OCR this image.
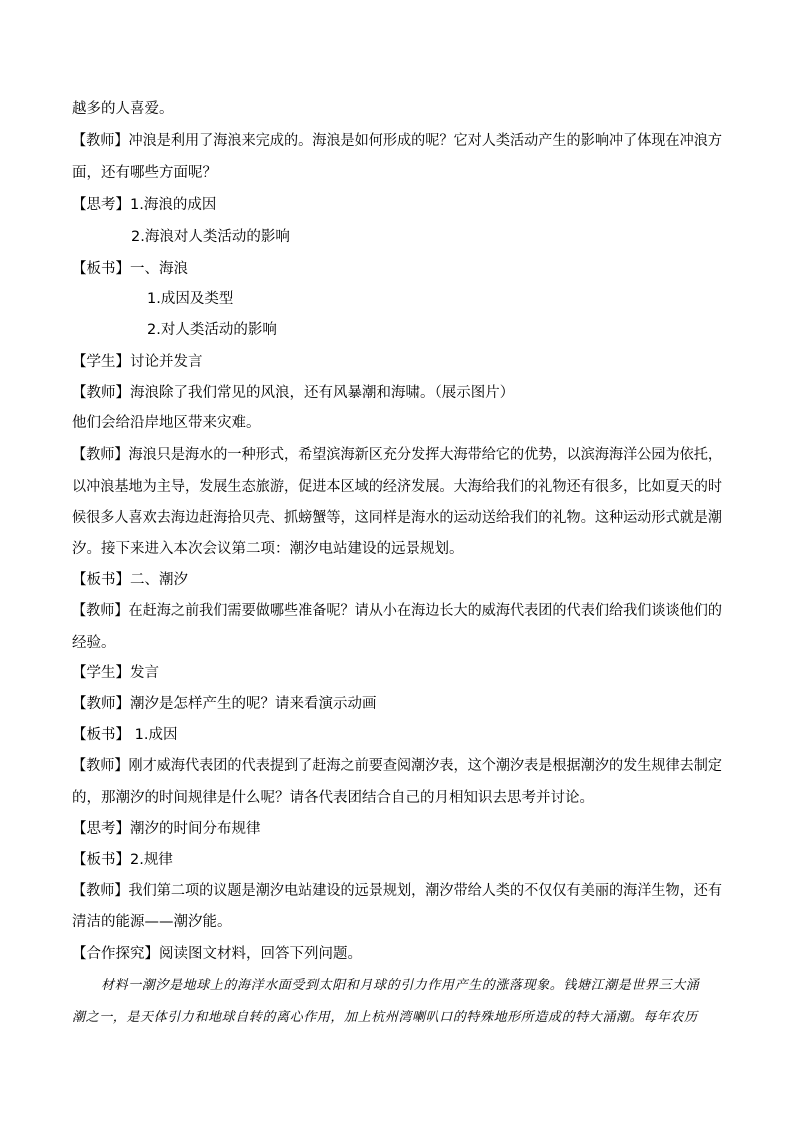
越多的人喜爱。
【教师】冲浪是利用了海浪来完成的。海浪是如何形成的呢？它对人类活动产生的影响冲了体现在冲浪方
面，还有哪些方面呢？
【思考】1.海浪的成因
2.海浪对人类活动的影响
【板书】一、海浪
1.成因及类型
2.对人类活动的影响
【学生】讨论并发言
【教师】海浪除了我们常见的风浪，还有风暴潮和海啸。（展示图片）
他们会给沿岸地区带来灾难。
【教师】海浪只是海水的一种形式，希望滨海新区充分发挥大海带给它的优势，以滨海海洋公园为依托，
以冲浪基地为主导，发展生态旅游，促进本区域的经济发展。大海给我们的礼物还有很多，比如夏天的时
候很多人喜欢去海边赶海拾贝壳、抓螃蟹等，这同样是海水的运动送给我们的礼物。这种运动形式就是潮
汐。接下来进入本次会议第二项：潮汐电站建设的远景规划。
【板书】二、潮汐
【教师】在赶海之前我们需要做哪些准备呢？请从小在海边长大的威海代表团的代表们给我们谈谈他们的
经验。
【学生】发言
【教师】潮汐是怎样产生的呢？请来看演示动画
【板书】 1.成因
【教师】刚才威海代表团的代表提到了赶海之前要查阅潮汐表，这个潮汐表是根据潮汐的发生规律去制定
的，那潮汐的时间规律是什么呢？请各代表团结合自己的月相知识去思考并讨论。
【思考】潮汐的时间分布规律
【板书】2.规律
【教师】我们第二项的议题是潮汐电站建设的远景规划，潮汐带给人类的不仅仅有美丽的海洋生物，还有
清洁的能源——潮汐能。
【合作探究】阅读图文材料，回答下列问题。
材料一潮汐是地球上的海洋水面受到太阳和月球的引力作用产生的涨落现象。钱塘江潮是世界三大涌
潮之一，是天体引力和地球自转的离心作用，加上杭州湾喇叭口的特殊地形所造成的特大涌潮。每年农历
